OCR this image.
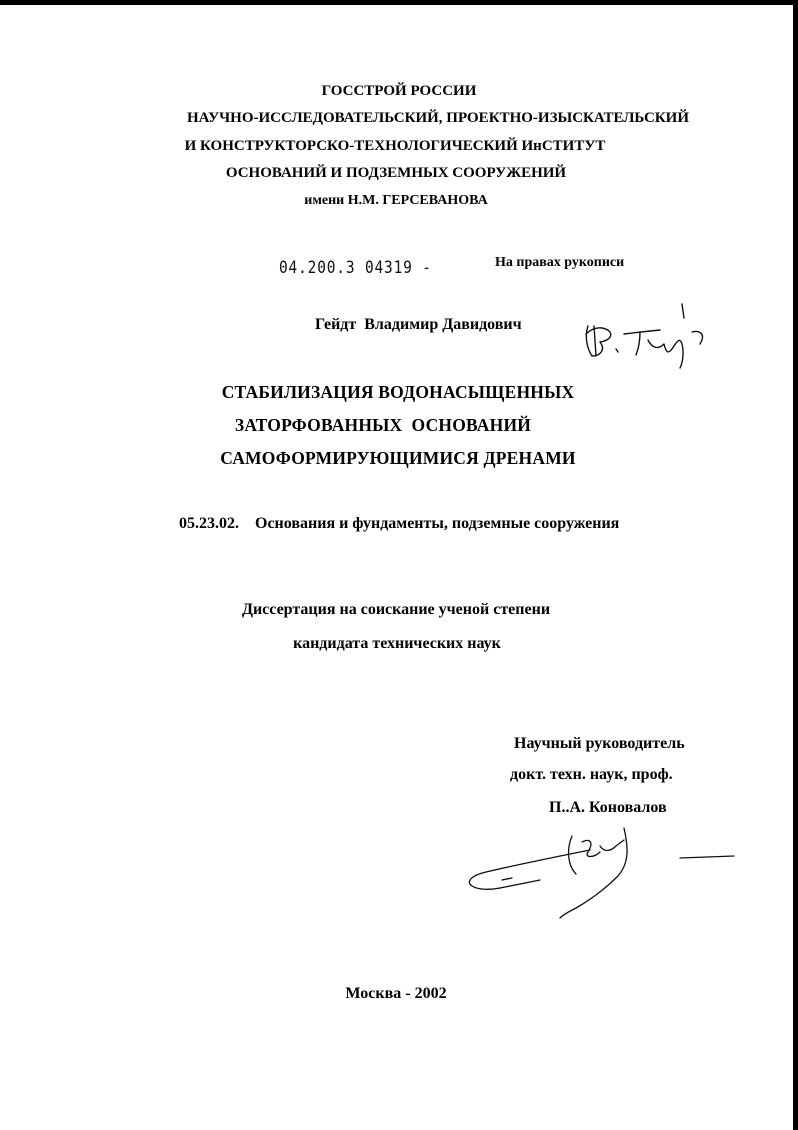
ГОССТРОЙ РОССИИ
НАУЧНО-ИССЛЕДОВАТЕЛЬСКИЙ, ПРОЕКТНО-ИЗЫСКАТЕЛЬСКИЙ
И КОНСТРУКТОРСКО-ТЕХНОЛОГИЧЕСКИЙ ИнСТИТУТ
ОСНОВАНИЙ И ПОДЗЕМНЫХ СООРУЖЕНИЙ
имени Н.М. ГЕРСЕВАНОВА
04.200.3 04319 -	На правах рукописи
Гейдт  Владимир Давидович
СТАБИЛИЗАЦИЯ ВОДОНАСЫЩЕННЫХ
ЗАТОРФОВАННЫХ  ОСНОВАНИЙ
САМОФОРМИРУЮЩИМИСЯ ДРЕНАМИ
05.23.02.    Основания и фундаменты, подземные сооружения
Диссертация на соискание ученой степени
кандидата технических наук
Научный руководитель
докт. техн. наук, проф.
П..А. Коновалов
Москва - 2002
